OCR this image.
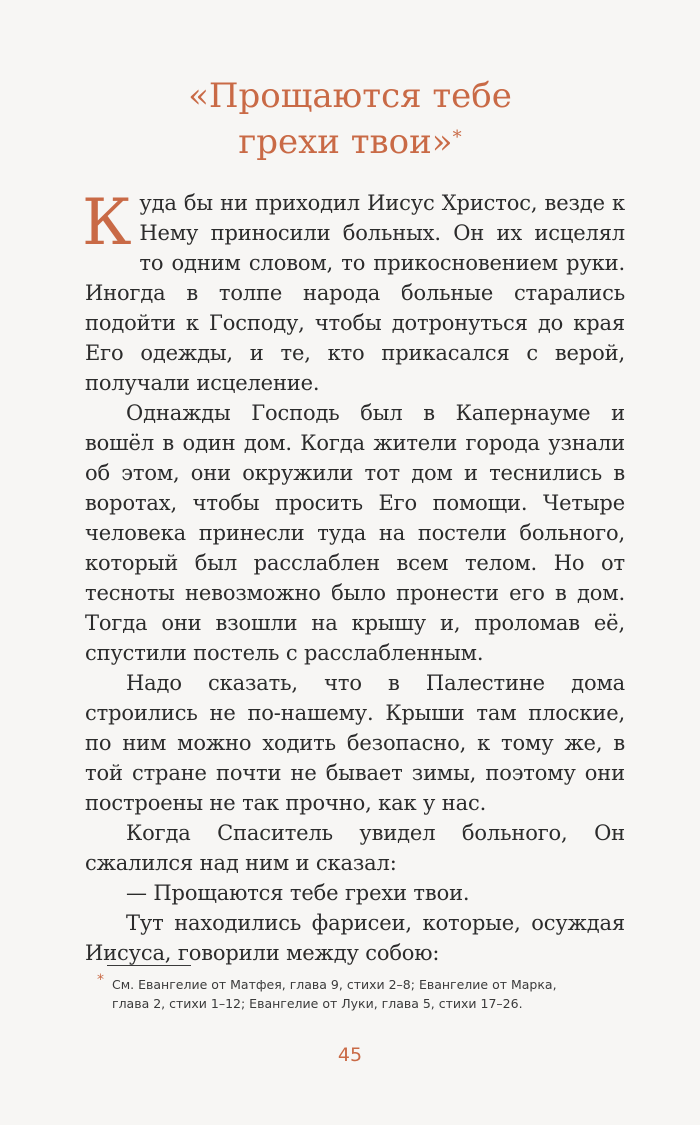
«Прощаются тебе
грехи твои»*

Куда бы ни приходил Иисус Христос, везде к Нему приносили больных. Он их исцелял то одним словом, то прикосновением руки. Иногда в толпе народа больные старались подойти к Господу, чтобы дотронуться до края Его одежды, и те, кто прикасался с верой, получали исцеление.

Однажды Господь был в Капернауме и вошёл в один дом. Когда жители города узнали об этом, они окружили тот дом и теснились в воротах, чтобы просить Его помощи. Четыре человека принесли туда на постели больного, который был расслаблен всем телом. Но от тесноты невозможно было пронести его в дом. Тогда они взошли на крышу и, проломав её, спустили постель с расслабленным.

Надо сказать, что в Палестине дома строились не по-нашему. Крыши там плоские, по ним можно ходить безопасно, к тому же, в той стране почти не бывает зимы, поэтому они построены не так прочно, как у нас.

Когда Спаситель увидел больного, Он сжалился над ним и сказал:

— Прощаются тебе грехи твои.

Тут находились фарисеи, которые, осуждая Иисуса, говорили между собою:

* См. Евангелие от Матфея, глава 9, стихи 2–8; Евангелие от Марка,
глава 2, стихи 1–12; Евангелие от Луки, глава 5, стихи 17–26.
45
